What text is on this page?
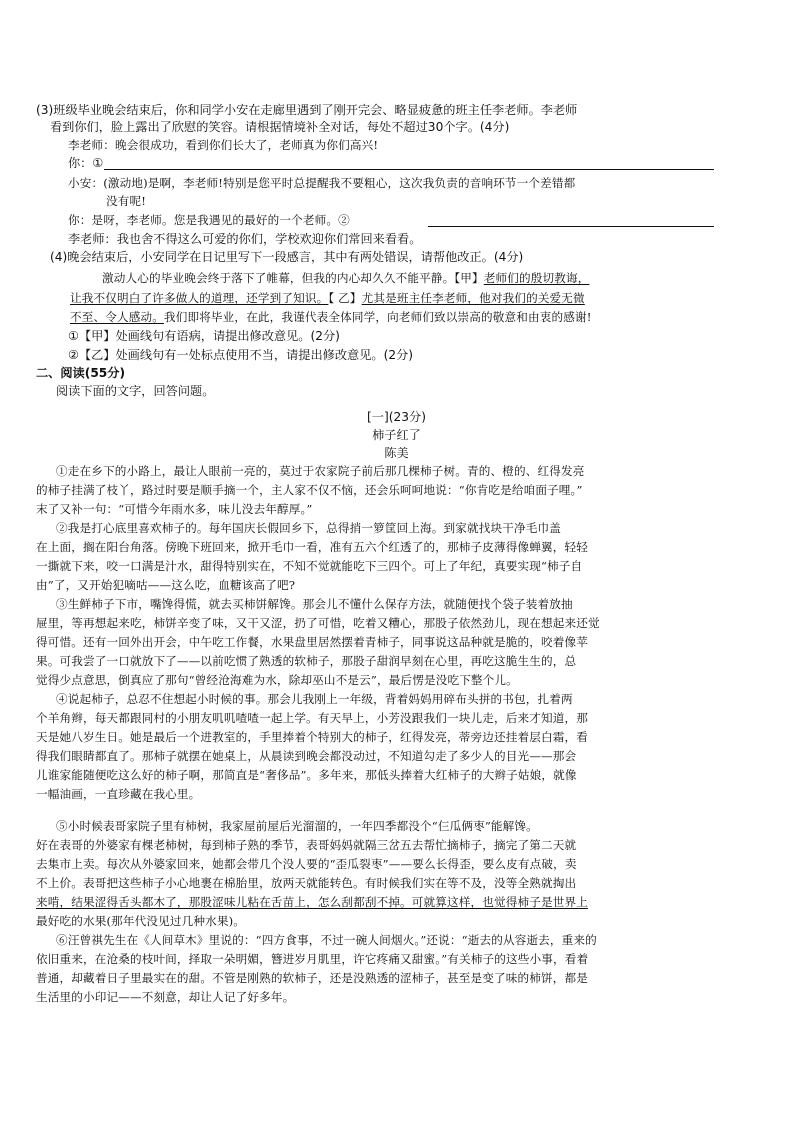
(3)班级毕业晚会结束后，你和同学小安在走廊里遇到了刚开完会、略显疲惫的班主任李老师。李老师
看到你们，脸上露出了欣慰的笑容。请根据情境补全对话，每处不超过30个字。(4分)
李老师：晚会很成功，看到你们长大了，老师真为你们高兴!
你：①
小安：(激动地)是啊，李老师!特别是您平时总提醒我不要粗心，这次我负责的音响环节一个差错都
没有呢!
你：是呀，李老师。您是我遇见的最好的一个老师。②
李老师：我也舍不得这么可爱的你们，学校欢迎你们常回来看看。
(4)晚会结束后，小安同学在日记里写下一段感言，其中有两处错误，请帮他改正。(4分)
激动人心的毕业晚会终于落下了帷幕，但我的内心却久久不能平静。【甲】老师们的殷切教诲，
让我不仅明白了许多做人的道理，还学到了知识。【 乙】尤其是班主任李老师，他对我们的关爱无微
不至、令人感动。我们即将毕业，在此，我谨代表全体同学，向老师们致以崇高的敬意和由衷的感谢!
①【甲】处画线句有语病，请提出修改意见。(2分)
②【乙】处画线句有一处标点使用不当，请提出修改意见。(2分)
二、阅读(55分)
阅读下面的文字，回答问题。
[一](23分)
柿子红了
陈美
①走在乡下的小路上，最让人眼前一亮的，莫过于农家院子前后那几棵柿子树。青的、橙的、红得发亮
的柿子挂满了枝丫，路过时要是顺手摘一个，主人家不仅不恼，还会乐呵呵地说：“你肯吃是给咱面子哩。”
末了又补一句：“可惜今年雨水多，味儿没去年醇厚。”
②我是打心底里喜欢柿子的。每年国庆长假回乡下，总得捎一箩筐回上海。到家就找块干净毛巾盖
在上面，搁在阳台角落。傍晚下班回来，掀开毛巾一看，准有五六个红透了的，那柿子皮薄得像蝉翼，轻轻
一撕就下来，咬一口满是汁水，甜得特别实在，不知不觉就能吃下三四个。可上了年纪，真要实现“柿子自
由”了，又开始犯嘀咕——这么吃，血糖该高了吧?
③生鲜柿子下市，嘴馋得慌，就去买柿饼解馋。那会儿不懂什么保存方法，就随便找个袋子装着放抽
屉里，等再想起来吃，柿饼辛变了味，又干又涩，扔了可惜，吃着又糟心，那股子依然劲儿，现在想起来还觉
得可惜。还有一回外出开会，中午吃工作餐，水果盘里居然摆着青柿子，同事说这品种就是脆的，咬着像苹
果。可我尝了一口就放下了——以前吃惯了熟透的软柿子，那股子甜润早刻在心里，再吃这脆生生的，总
觉得少点意思，倒真应了那句“曾经沧海难为水，除却巫山不是云”，最后愣是没吃下整个儿。
④说起柿子，总忍不住想起小时候的事。那会儿我刚上一年级，背着妈妈用碎布头拼的书包，扎着两
个羊角辫，每天都跟同村的小朋友叽叽喳喳一起上学。有天早上，小芳没跟我们一块儿走，后来才知道，那
天是她八岁生日。她是最后一个进教室的，手里捧着个特别大的柿子，红得发亮，蒂旁边还挂着层白霜，看
得我们眼睛都直了。那柿子就摆在她桌上，从晨读到晚会都没动过，不知道勾走了多少人的目光——那会
儿谁家能随便吃这么好的柿子啊，那简直是“奢侈品”。多年来，那低头捧着大红柿子的大辫子姑娘，就像
一幅油画，一直珍藏在我心里。
⑤小时候表哥家院子里有柿树，我家屋前屋后光溜溜的，一年四季都没个“仨瓜俩枣”能解馋。
好在表哥的外婆家有棵老柿树，每到柿子熟的季节，表哥妈妈就隔三岔五去帮忙摘柿子，摘完了第二天就
去集市上卖。每次从外婆家回来，她都会带几个没人要的“歪瓜裂枣”——要么长得歪，要么皮有点破，卖
不上价。表哥把这些柿子小心地裹在棉胎里，放两天就能转色。有时候我们实在等不及，没等全熟就掏出
来啃，结果涩得舌头都木了，那股涩味儿粘在舌苗上，怎么刮都刮不掉。可就算这样，也觉得柿子是世界上
最好吃的水果(那年代没见过几种水果)。
⑥汪曾祺先生在《人间草木》里说的：“四方食事，不过一碗人间烟火。”还说：“逝去的从容逝去，重来的
依旧重来，在沧桑的枝叶间，择取一朵明媚，簪进岁月肌里，许它疼痛又甜蜜。”有关柿子的这些小事，看着
普通，却藏着日子里最实在的甜。不管是刚熟的软柿子，还是没熟透的涩柿子，甚至是变了味的柿饼，都是
生活里的小印记——不刻意，却让人记了好多年。
